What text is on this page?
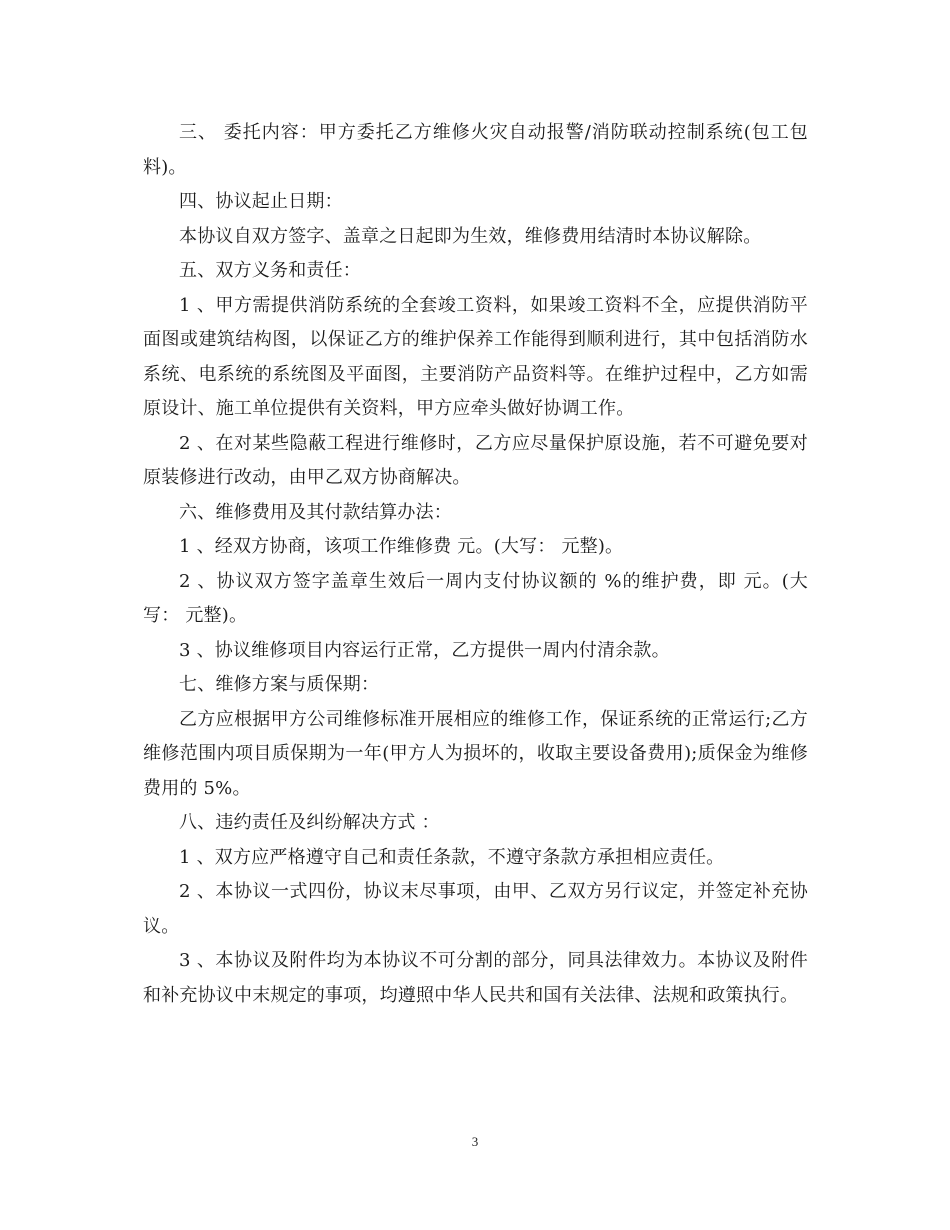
三、 委托内容：甲方委托乙方维修火灾自动报警/消防联动控制系统(包工包料)。

四、协议起止日期：

本协议自双方签字、盖章之日起即为生效，维修费用结清时本协议解除。

五、双方义务和责任：

1 、甲方需提供消防系统的全套竣工资料，如果竣工资料不全，应提供消防平面图或建筑结构图，以保证乙方的维护保养工作能得到顺利进行，其中包括消防水系统、电系统的系统图及平面图，主要消防产品资料等。在维护过程中，乙方如需原设计、施工单位提供有关资料，甲方应牵头做好协调工作。

2 、在对某些隐蔽工程进行维修时，乙方应尽量保护原设施，若不可避免要对原装修进行改动，由甲乙双方协商解决。

六、维修费用及其付款结算办法：

1 、经双方协商，该项工作维修费 元。(大写： 元整)。

2 、协议双方签字盖章生效后一周内支付协议额的 %的维护费，即 元。(大写： 元整)。

3 、协议维修项目内容运行正常，乙方提供一周内付清余款。

七、维修方案与质保期：

乙方应根据甲方公司维修标准开展相应的维修工作，保证系统的正常运行;乙方维修范围内项目质保期为一年(甲方人为损坏的，收取主要设备费用);质保金为维修费用的 5%。

八、违约责任及纠纷解决方式 ：

1 、双方应严格遵守自己和责任条款，不遵守条款方承担相应责任。

2 、本协议一式四份，协议末尽事项，由甲、乙双方另行议定，并签定补充协议。

3 、本协议及附件均为本协议不可分割的部分，同具法律效力。本协议及附件和补充协议中末规定的事项，均遵照中华人民共和国有关法律、法规和政策执行。

3
